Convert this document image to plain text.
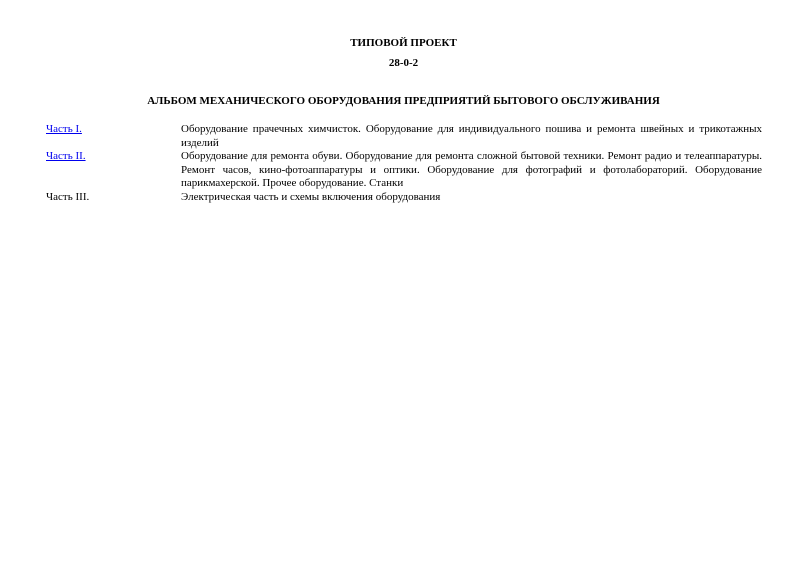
ТИПОВОЙ ПРОЕКТ
28-0-2
АЛЬБОМ МЕХАНИЧЕСКОГО ОБОРУДОВАНИЯ ПРЕДПРИЯТИЙ БЫТОВОГО ОБСЛУЖИВАНИЯ
Часть I.	Оборудование прачечных химчисток. Оборудование для индивидуального пошива и ремонта швейных и трикотажных изделий
Часть II.	Оборудование для ремонта обуви. Оборудование для ремонта сложной бытовой техники. Ремонт радио и телеаппаратуры. Ремонт часов, кино-фотоаппаратуры и оптики. Оборудование для фотографий и фотолабораторий. Оборудование парикмахерской. Прочее оборудование. Станки
Часть III.	Электрическая часть и схемы включения оборудования
